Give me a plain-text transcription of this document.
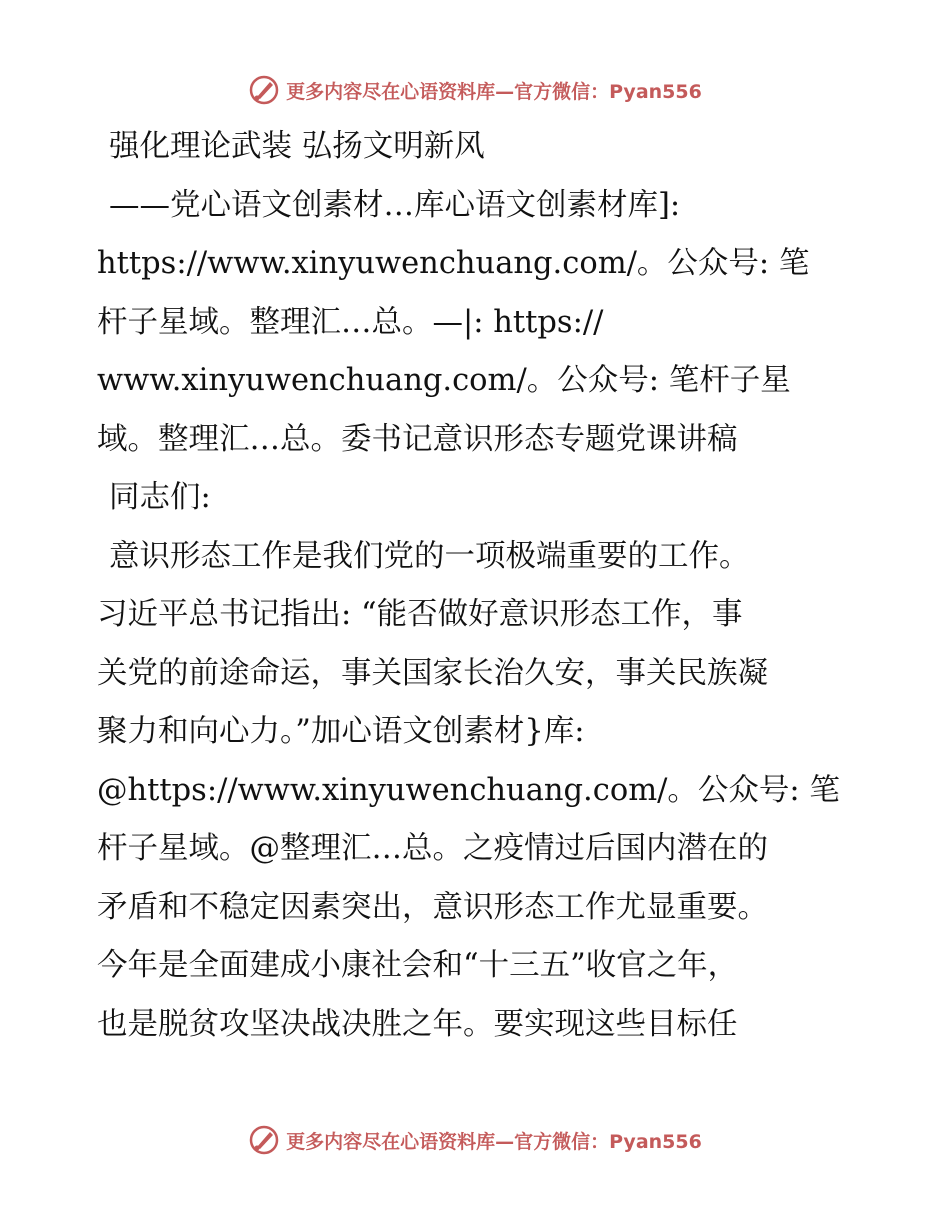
更多内容尽在心语资料库—官方微信：Pyan556
强化理论武装 弘扬文明新风
——党心语文创素材…库心语文创素材库]:
https://www.xinyuwenchuang.com/。公众号: 笔
杆子星域。整理汇…总。—|: https://
www.xinyuwenchuang.com/。公众号: 笔杆子星
域。整理汇…总。委书记意识形态专题党课讲稿
同志们:
意识形态工作是我们党的一项极端重要的工作。
习近平总书记指出: “能否做好意识形态工作，事
关党的前途命运，事关国家长治久安，事关民族凝
聚力和向心力。”加心语文创素材}库:
@https://www.xinyuwenchuang.com/。公众号: 笔
杆子星域。@整理汇…总。之疫情过后国内潜在的
矛盾和不稳定因素突出，意识形态工作尤显重要。
今年是全面建成小康社会和“十三五”收官之年，
也是脱贫攻坚决战决胜之年。要实现这些目标任
更多内容尽在心语资料库—官方微信：Pyan556
